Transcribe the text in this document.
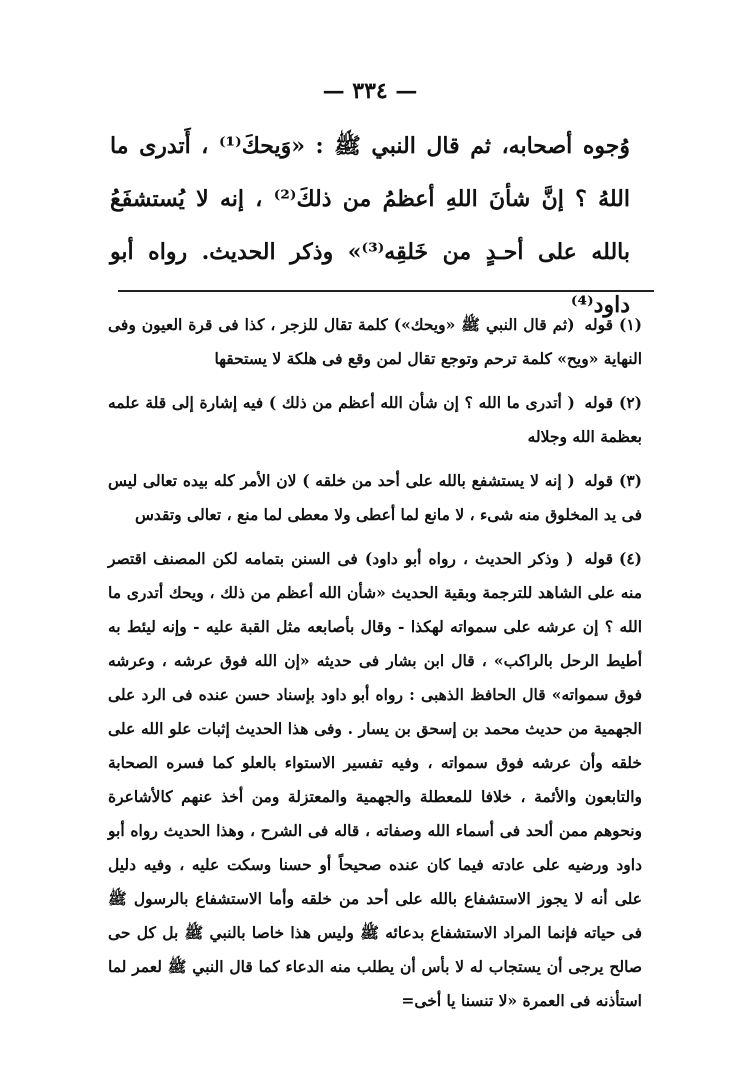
— ٣٣٤ —
وُجوه أصحابه، ثم قال النبي ﷺ : «وَيحكَ⁽¹⁾ ، أَتدرى ما اللهُ ؟ إنَّ شأنَ اللهِ أعظمُ من ذلكَ⁽²⁾ ، إنه لا يُستشفَعُ بالله على أحـدٍ من خَلقِه⁽³⁾» وذكر الحديث. رواه أبو داود⁽⁴⁾

(١)قوله (ثم قال النبي ﷺ «ويحك») كلمة تقال للزجر ، كذا فى قرة العيون وفى النهاية «ويح» كلمة ترحم وتوجع تقال لمن وقع فى هلكة لا يستحقها

(٢)قوله ( أتدرى ما الله ؟ إن شأن الله أعظم من ذلك ) فيه إشارة إلى قلة علمه بعظمة الله وجلاله

(٣)قوله ( إنه لا يستشفع بالله على أحد من خلقه ) لان الأمر كله بيده تعالى ليس فى يد المخلوق منه شىء ، لا مانع لما أعطى ولا معطى لما منع ، تعالى وتقدس

(٤)قوله ( وذكر الحديث ، رواه أبو داود) فى السنن بتمامه لكن المصنف اقتصر منه على الشاهد للترجمة وبقية الحديث «شأن الله أعظم من ذلك ، ويحك أتدرى ما الله ؟ إن عرشه على سمواته لهكذا - وقال بأصابعه مثل القبة عليه - وإنه ليئط به أطيط الرحل بالراكب» ، قال ابن بشار فى حديثه «إن الله فوق عرشه ، وعرشه فوق سمواته» قال الحافظ الذهبى : رواه أبو داود بإسناد حسن عنده فى الرد على الجهمية من حديث محمد بن إسحق بن يسار . وفى هذا الحديث إثبات علو الله على خلقه وأن عرشه فوق سمواته ، وفيه تفسير الاستواء بالعلو كما فسره الصحابة والتابعون والأئمة ، خلافا للمعطلة والجهمية والمعتزلة ومن أخذ عنهم كالأشاعرة ونحوهم ممن ألحد فى أسماء الله وصفاته ، قاله فى الشرح ، وهذا الحديث رواه أبو داود ورضيه على عادته فيما كان عنده صحيحاً أو حسنا وسكت عليه ، وفيه دليل على أنه لا يجوز الاستشفاع بالله على أحد من خلقه وأما الاستشفاع بالرسول ﷺ فى حياته فإنما المراد الاستشفاع بدعائه ﷺ وليس هذا خاصا بالنبي ﷺ بل كل حى صالح يرجى أن يستجاب له لا بأس أن يطلب منه الدعاء كما قال النبي ﷺ لعمر لما استأذنه فى العمرة «لا تنسنا يا أخى=
